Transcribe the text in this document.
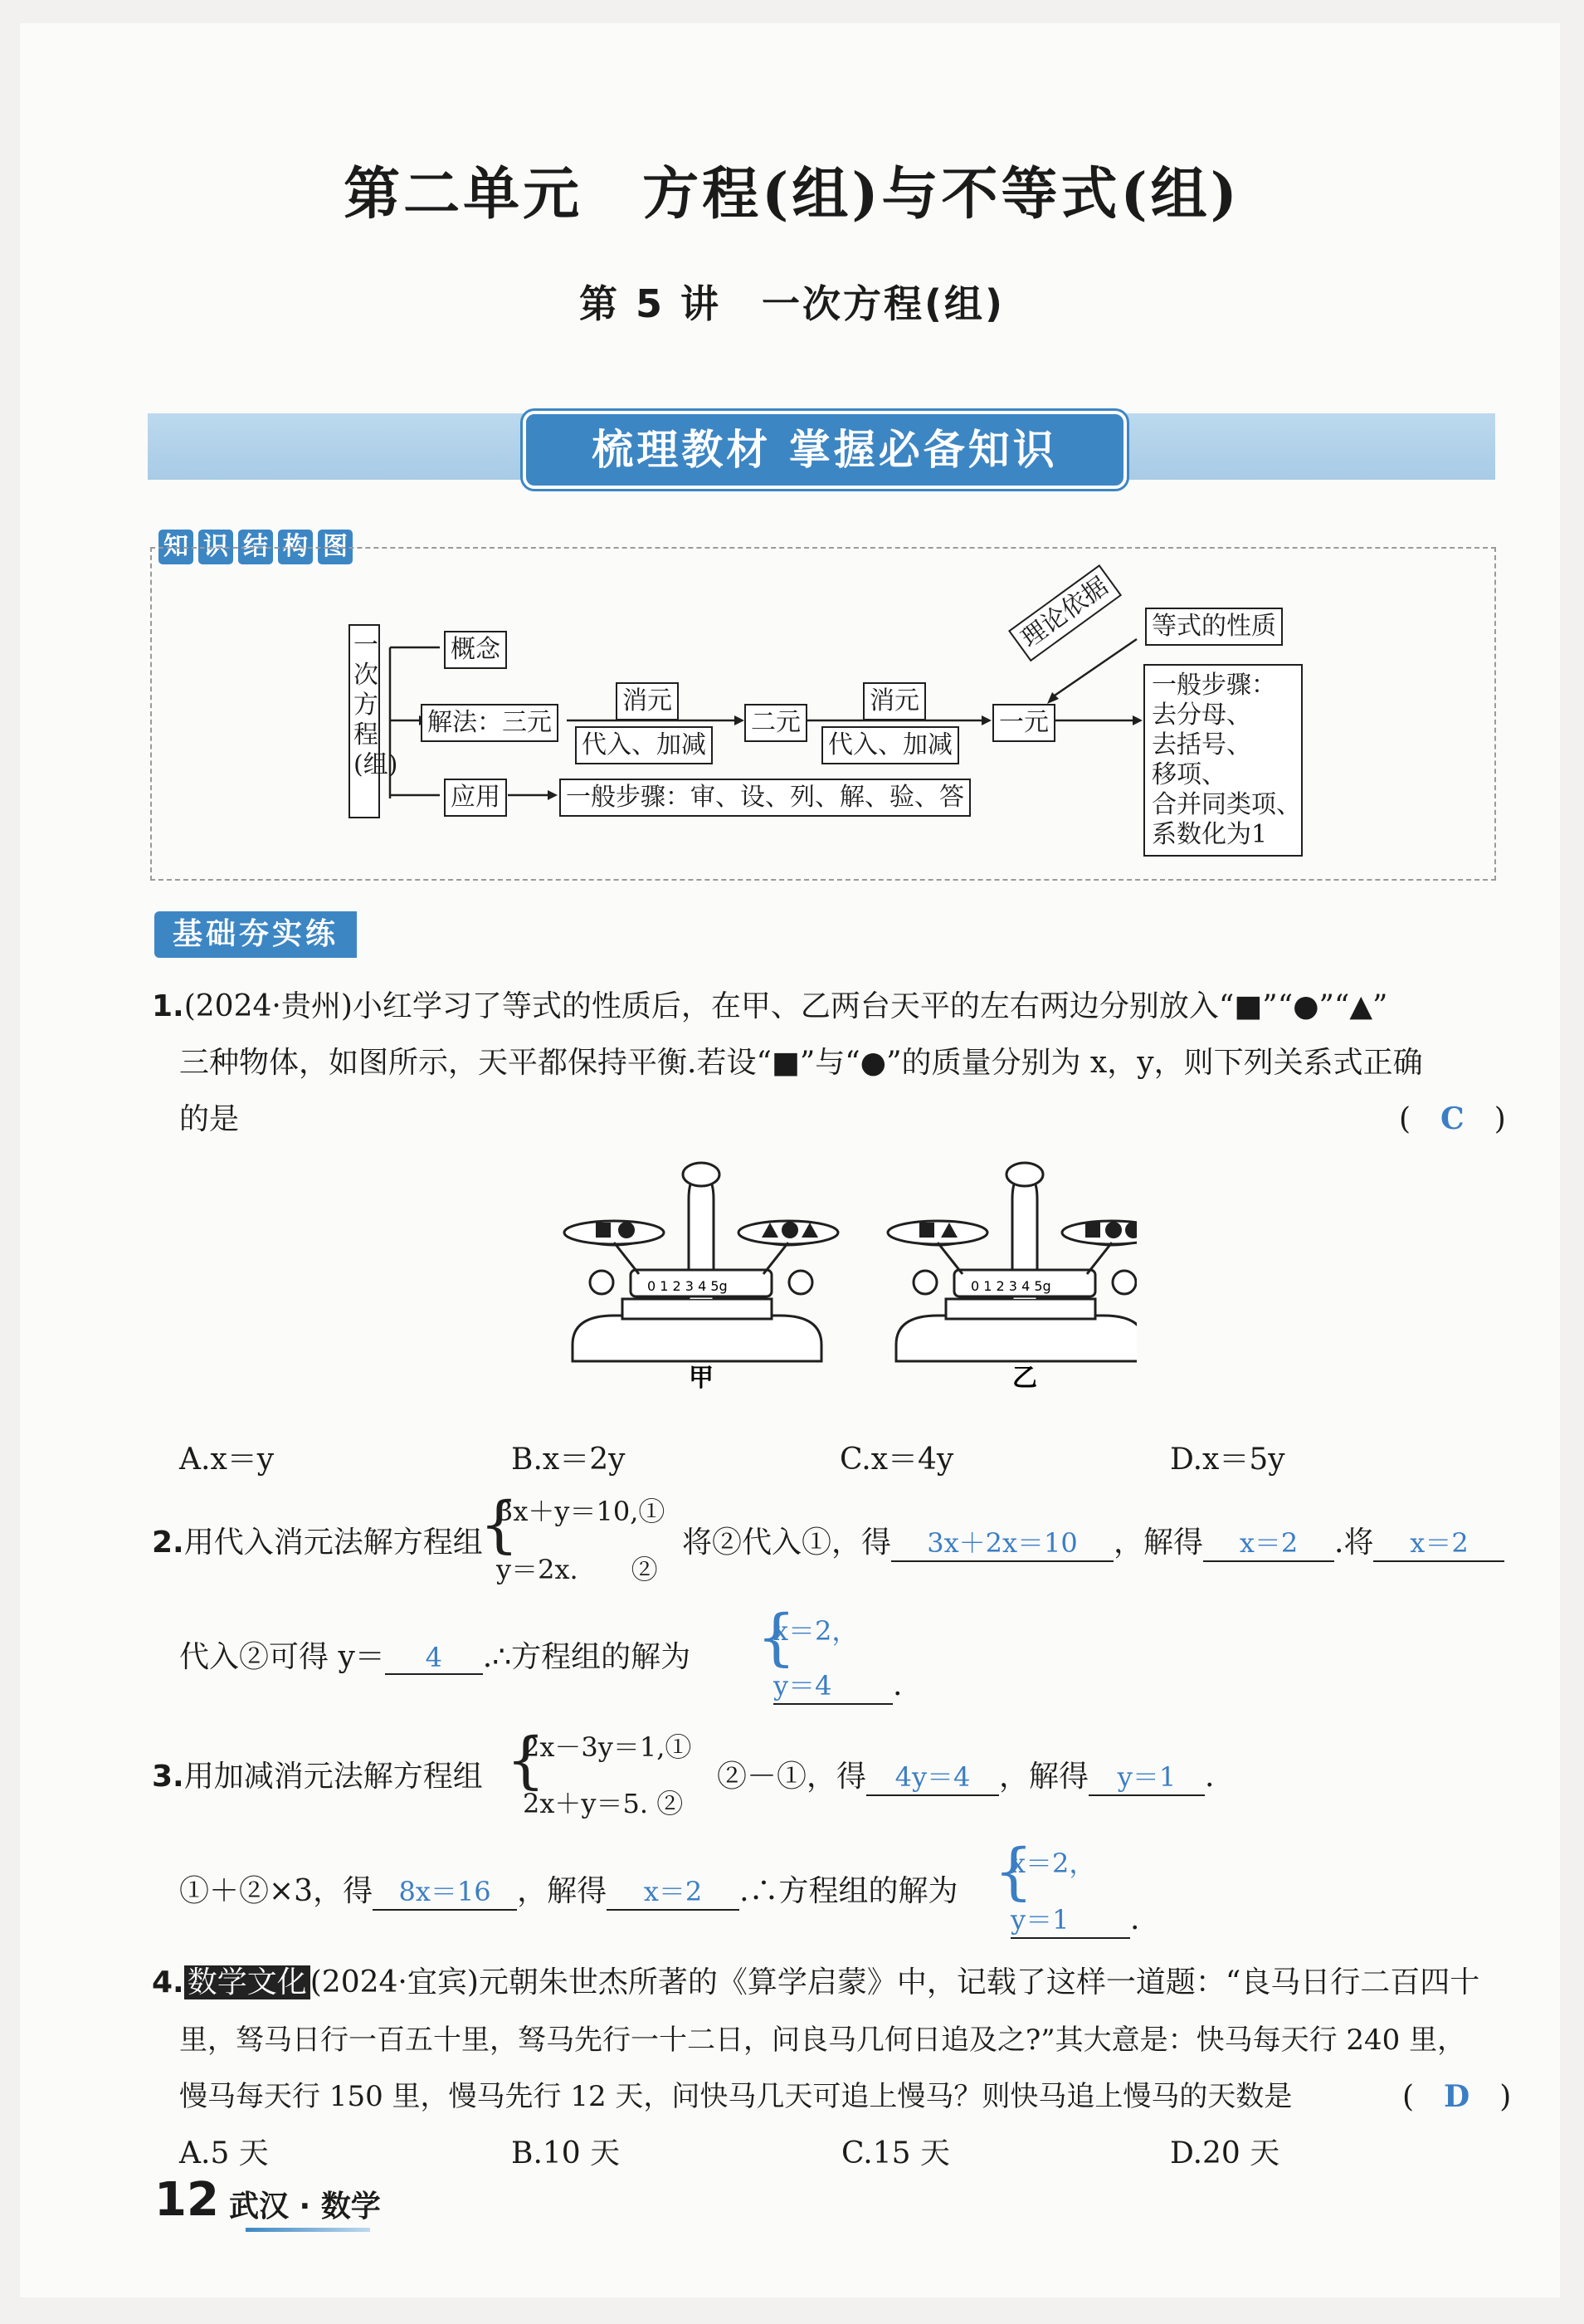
第二单元　方程(组)与不等式(组)
第 5 讲　一次方程(组)
梳理教材 掌握必备知识
知 识 结 构 图
一次方程(组)
概念
解法：三元
消元
代入、加减
二元
消元
代入、加减
一元
理论依据	等式的性质
一般步骤：
去分母、
去括号、
移项、
合并同类项、
系数化为1
应用	一般步骤：审、设、列、解、验、答
基础夯实练
1.(2024·贵州)小红学习了等式的性质后，在甲、乙两台天平的左右两边分别放入“■”“●”“▲”
三种物体，如图所示，天平都保持平衡.若设“■”与“●”的质量分别为 x，y，则下列关系式正确
的是	(　C　)
0 1 2 3 4 5g
甲
0 1 2 3 4 5g
乙
A.x＝y	B.x＝2y	C.x＝4y	D.x＝5y
2.用代入消元法解方程组
{
3x＋y＝10,①
y＝2x.　　②
将②代入①，得 3x＋2x＝10 ，解得 x＝2 .将 x＝2
代入②可得 y＝ 4 .∴方程组的解为 {
x＝2，
y＝4	.
3.用加减消元法解方程组 {
2x－3y＝1,①
2x＋y＝5. ②
②－①，得 4y＝4 ，解得 y＝1 .
①＋②×3，得 8x＝16 ，解得 x＝2 .∴方程组的解为 {
x＝2，
y＝1	.
4. 数学文化 (2024·宜宾)元朝朱世杰所著的《算学启蒙》中，记载了这样一道题：“良马日行二百四十
里，驽马日行一百五十里，驽马先行一十二日，问良马几何日追及之?”其大意是：快马每天行 240 里，
慢马每天行 150 里，慢马先行 12 天，问快马几天可追上慢马？则快马追上慢马的天数是	(　D　)
A.5 天	B.10 天	C.15 天	D.20 天
12 武汉 · 数学
